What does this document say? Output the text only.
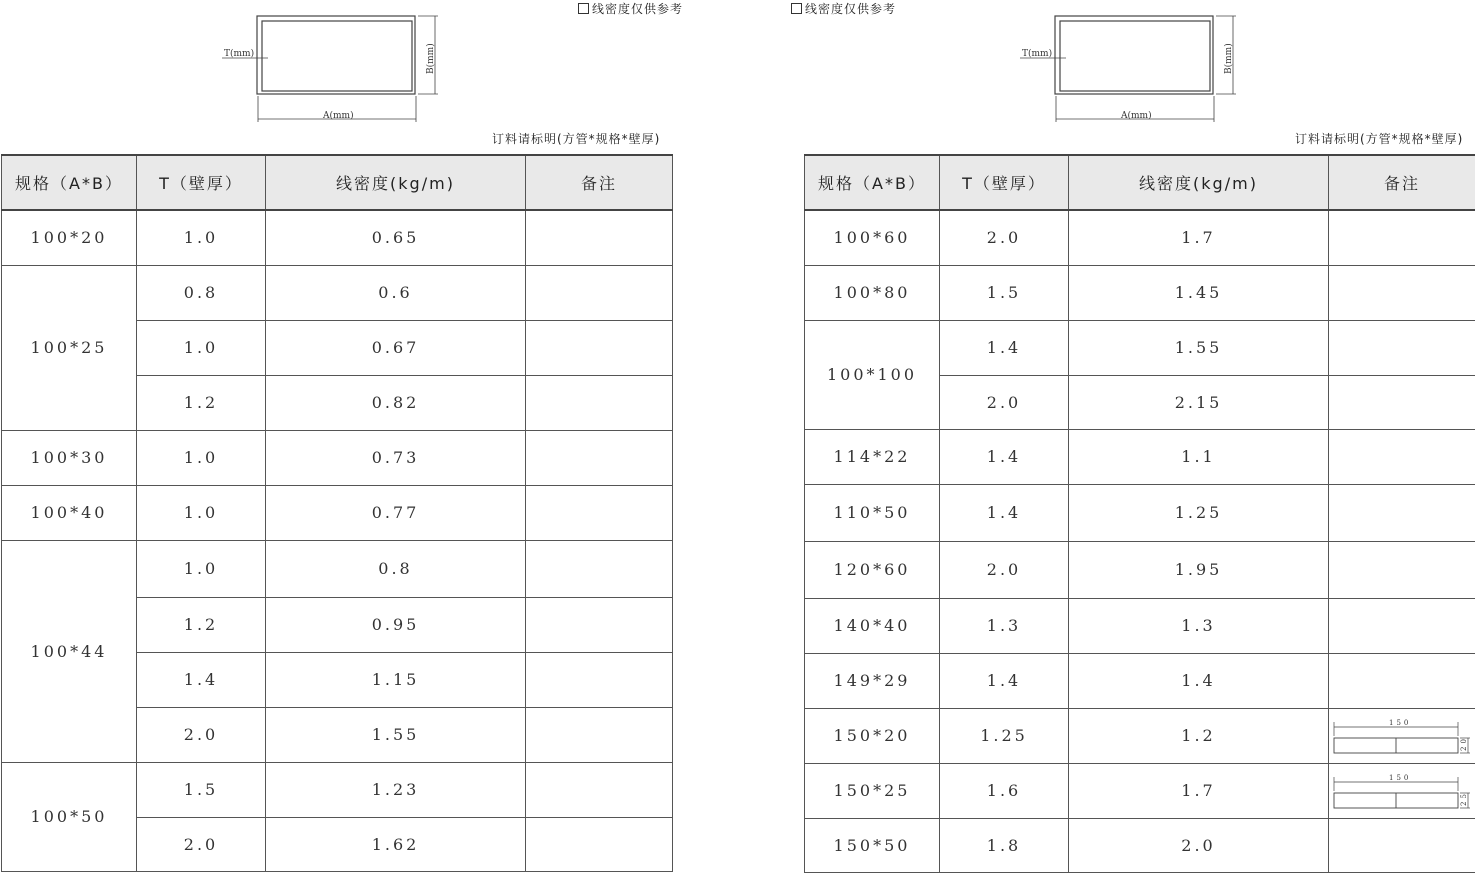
线密度仅供参考
T(mm)
A(mm)
B(mm)
订料请标明(方管*规格*壁厚)
规格（A*B）	T（壁厚）	线密度(kg/m)	备注
100*20	1.0	0.65	
100*25	0.8	0.6	
	1.0	0.67	
	1.2	0.82	
100*30	1.0	0.73	
100*40	1.0	0.77	
100*44	1.0	0.8	
	1.2	0.95	
	1.4	1.15	
	2.0	1.55	
100*50	1.5	1.23	
	2.0	1.62	
线密度仅供参考
T(mm)
A(mm)
B(mm)
订料请标明(方管*规格*壁厚)
规格（A*B）	T（壁厚）	线密度(kg/m)	备注
100*60	2.0	1.7	
100*80	1.5	1.45	
100*100	1.4	1.55	
	2.0	2.15	
114*22	1.4	1.1	
110*50	1.4	1.25	
120*60	2.0	1.95	
140*40	1.3	1.3	
149*29	1.4	1.4	
150*20	1.25	1.2	150
20

150*25	1.6	1.7	150
25

150*50	1.8	2.0	
